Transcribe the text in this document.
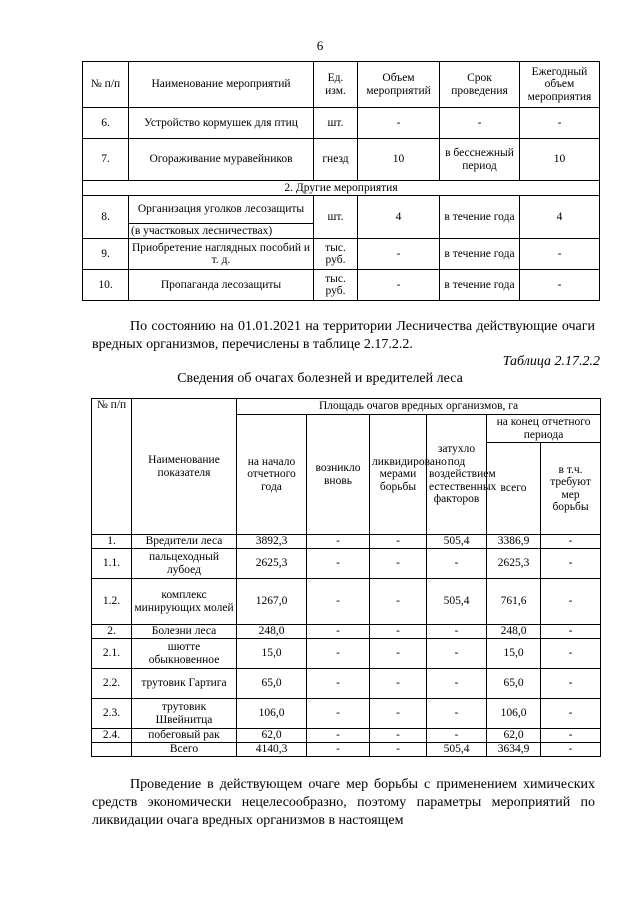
6
№ п/п	Наименование мероприятий	Ед. изм.	Объем мероприятий	Срок проведения	Ежегодный объем мероприятия
6.	Устройство кормушек для птиц	шт.	-	-	-
7.	Огораживание муравейников	гнезд	10	в бесснежный период	10
2. Другие мероприятия					
8.	Организация уголков лесозащиты	шт.	4	в течение года	4
	(в участковых лесничествах)				
9.	Приобретение наглядных пособий и т. д.	тыс. руб.	-	в течение года	-
10.	Пропаганда лесозащиты	тыс. руб.	-	в течение года	-
По состоянию на 01.01.2021 на территории Лесничества действующие очаги вредных организмов, перечислены в таблице 2.17.2.2.
Таблица 2.17.2.2
Сведения об очагах болезней и вредителей леса
№ п/п	Наименование показателя	Площадь очагов вредных организмов, га					
		на начало отчетного года	возникло вновь	ликвидировано мерами борьбы	затухло под воздействием естественных факторов	на конец отчетного периода	
						всего	в т.ч. требуют мер борьбы
1.	Вредители леса	3892,3	-	-	505,4	3386,9	-
1.1.	пальцеходный лубоед	2625,3	-	-	-	2625,3	-
1.2.	комплекс минирующих молей	1267,0	-	-	505,4	761,6	-
2.	Болезни леса	248,0	-	-	-	248,0	-
2.1.	шютте обыкновенное	15,0	-	-	-	15,0	-
2.2.	трутовик Гартига	65,0	-	-	-	65,0	-
2.3.	трутовик Швейнитца	106,0	-	-	-	106,0	-
2.4.	побеговый рак	62,0	-	-	-	62,0	-
	Всего	4140,3	-	-	505,4	3634,9	-
Проведение в действующем очаге мер борьбы с применением химических средств экономически нецелесообразно, поэтому параметры мероприятий по ликвидации очага вредных организмов в настоящем
